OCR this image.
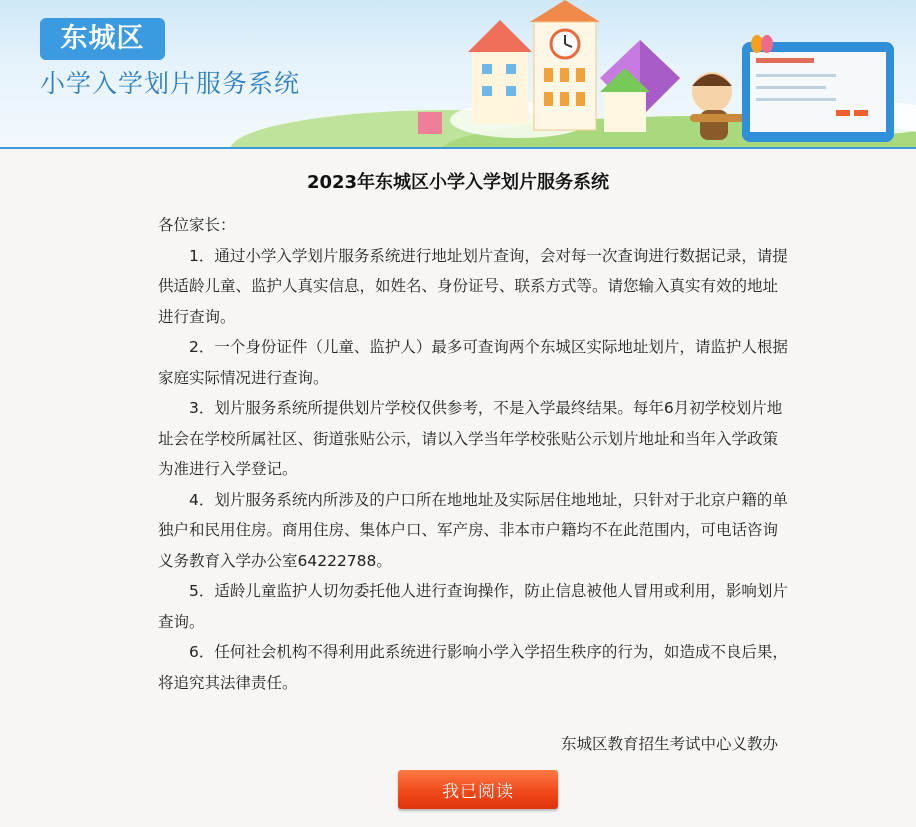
东城区
小学入学划片服务系统
2023年东城区小学入学划片服务系统

各位家长：

1．通过小学入学划片服务系统进行地址划片查询，会对每一次查询进行数据记录，请提供适龄儿童、监护人真实信息，如姓名、身份证号、联系方式等。请您输入真实有效的地址进行查询。

2．一个身份证件（儿童、监护人）最多可查询两个东城区实际地址划片，请监护人根据家庭实际情况进行查询。

3．划片服务系统所提供划片学校仅供参考，不是入学最终结果。每年6月初学校划片地址会在学校所属社区、街道张贴公示，请以入学当年学校张贴公示划片地址和当年入学政策为准进行入学登记。

4．划片服务系统内所涉及的户口所在地地址及实际居住地地址，只针对于北京户籍的单独户和民用住房。商用住房、集体户口、军产房、非本市户籍均不在此范围内，可电话咨询义务教育入学办公室64222788。

5．适龄儿童监护人切勿委托他人进行查询操作，防止信息被他人冒用或利用，影响划片查询。

6．任何社会机构不得利用此系统进行影响小学入学招生秩序的行为，如造成不良后果，将追究其法律责任。

东城区教育招生考试中心义教办
我已阅读
